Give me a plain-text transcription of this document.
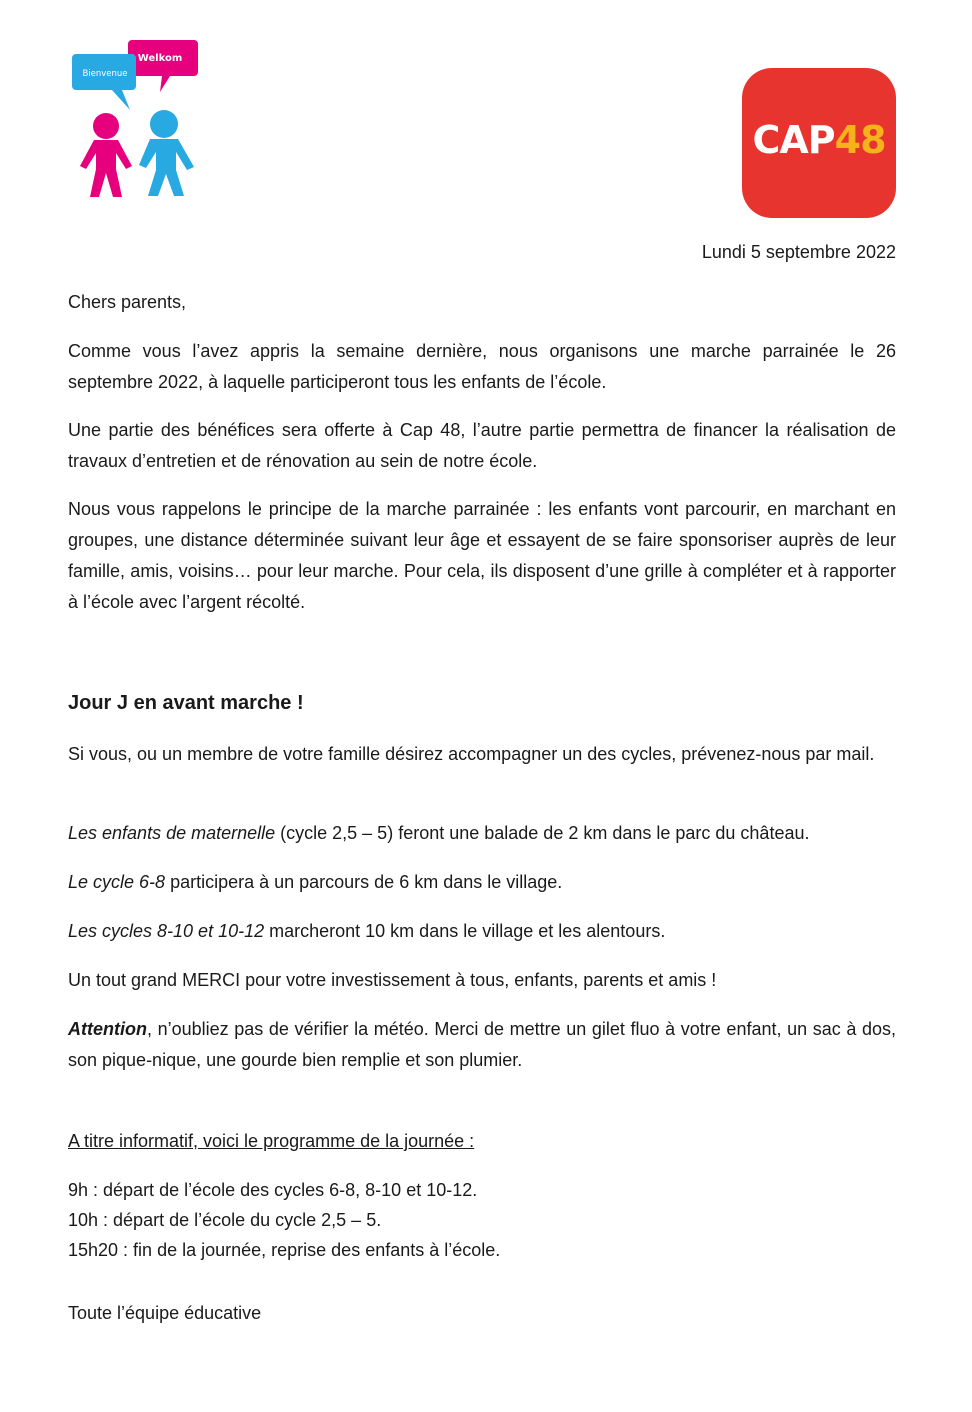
Welkom
Bienvenue
CAP48
Lundi 5 septembre 2022

Chers parents,

Comme vous l’avez appris la semaine dernière, nous organisons une marche parrainée le 26 septembre 2022, à laquelle participeront tous les enfants de l’école.

Une partie des bénéfices sera offerte à Cap 48, l’autre partie permettra de financer la réalisation de travaux d’entretien et de rénovation au sein de notre école.

Nous vous rappelons le principe de la marche parrainée : les enfants vont parcourir, en marchant en groupes, une distance déterminée suivant leur âge et essayent de se faire sponsoriser auprès de leur famille, amis, voisins… pour leur marche. Pour cela, ils disposent d’une grille à compléter et à rapporter à l’école avec l’argent récolté.

Jour J en avant marche !

Si vous, ou un membre de votre famille désirez accompagner un des cycles, prévenez-nous par mail.

Les enfants de maternelle (cycle 2,5 – 5) feront une balade de 2 km dans le parc du château.

Le cycle 6-8 participera à un parcours de 6 km dans le village.

Les cycles 8-10 et 10-12 marcheront 10 km dans le village et les alentours.

Un tout grand MERCI pour votre investissement à tous, enfants, parents et amis !

Attention, n’oubliez pas de vérifier la météo. Merci de mettre un gilet fluo à votre enfant, un sac à dos, son pique-nique, une gourde bien remplie et son plumier.

A titre informatif, voici le programme de la journée :

9h : départ de l’école des cycles 6-8, 8-10 et 10-12.

10h : départ de l’école du cycle 2,5 – 5.

15h20 : fin de la journée, reprise des enfants à l’école.

Toute l’équipe éducative
